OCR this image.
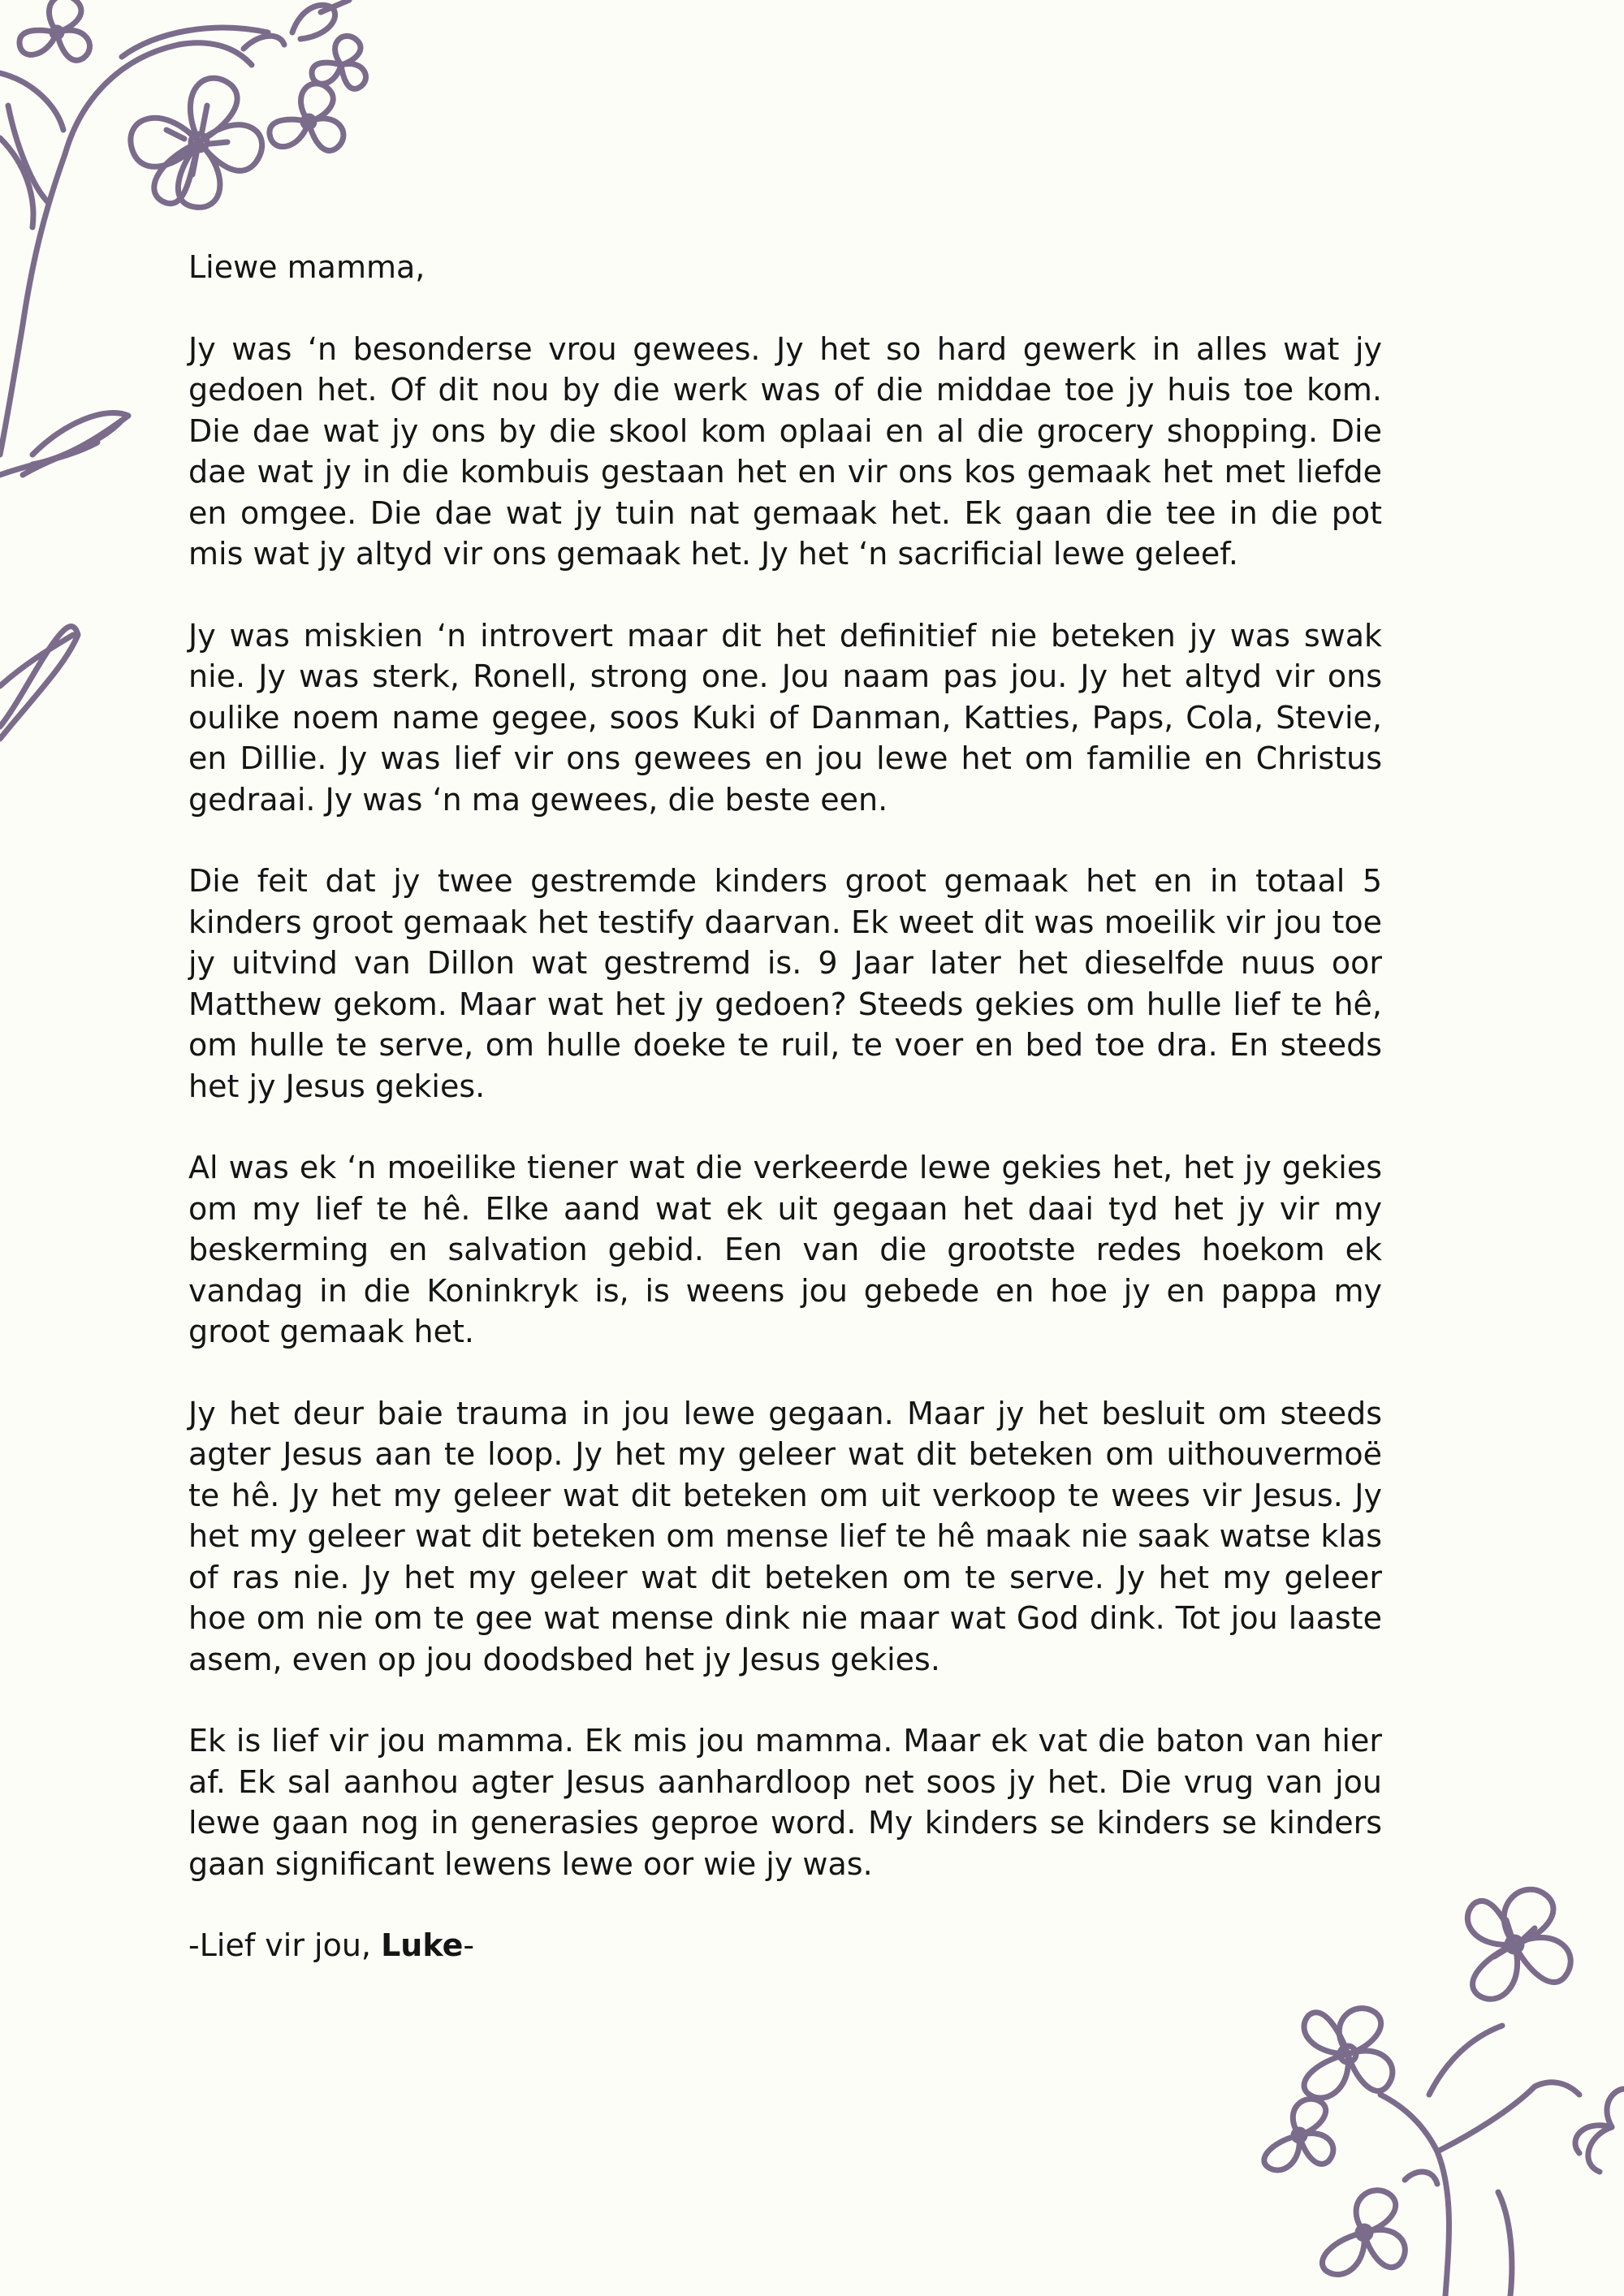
Liewe mamma,

Jy was ‘n besonderse vrou gewees. Jy het so hard gewerk in alles wat jy gedoen het. Of dit nou by die werk was of die middae toe jy huis toe kom. Die dae wat jy ons by die skool kom oplaai en al die grocery shopping. Die dae wat jy in die kombuis gestaan het en vir ons kos gemaak het met liefde en omgee. Die dae wat jy tuin nat gemaak het. Ek gaan die tee in die pot mis wat jy altyd vir ons gemaak het. Jy het ‘n sacrificial lewe geleef.

Jy was miskien ‘n introvert maar dit het definitief nie beteken jy was swak nie. Jy was sterk, Ronell, strong one. Jou naam pas jou. Jy het altyd vir ons oulike noem name gegee, soos Kuki of Danman, Katties, Paps, Cola, Stevie, en Dillie. Jy was lief vir ons gewees en jou lewe het om familie en Christus gedraai. Jy was ‘n ma gewees, die beste een.

Die feit dat jy twee gestremde kinders groot gemaak het en in totaal 5 kinders groot gemaak het testify daarvan. Ek weet dit was moeilik vir jou toe jy uitvind van Dillon wat gestremd is. 9 Jaar later het dieselfde nuus oor Matthew gekom. Maar wat het jy gedoen? Steeds gekies om hulle lief te hê, om hulle te serve, om hulle doeke te ruil, te voer en bed toe dra. En steeds het jy Jesus gekies.

Al was ek ‘n moeilike tiener wat die verkeerde lewe gekies het, het jy gekies om my lief te hê. Elke aand wat ek uit gegaan het daai tyd het jy vir my beskerming en salvation gebid. Een van die grootste redes hoekom ek vandag in die Koninkryk is, is weens jou gebede en hoe jy en pappa my groot gemaak het.

Jy het deur baie trauma in jou lewe gegaan. Maar jy het besluit om steeds agter Jesus aan te loop. Jy het my geleer wat dit beteken om uithouvermoë te hê. Jy het my geleer wat dit beteken om uit verkoop te wees vir Jesus. Jy het my geleer wat dit beteken om mense lief te hê maak nie saak watse klas of ras nie. Jy het my geleer wat dit beteken om te serve. Jy het my geleer hoe om nie om te gee wat mense dink nie maar wat God dink. Tot jou laaste asem, even op jou doodsbed het jy Jesus gekies.

Ek is lief vir jou mamma. Ek mis jou mamma. Maar ek vat die baton van hier af. Ek sal aanhou agter Jesus aanhardloop net soos jy het. Die vrug van jou lewe gaan nog in generasies geproe word. My kinders se kinders se kinders gaan significant lewens lewe oor wie jy was.

-Lief vir jou, Luke-
